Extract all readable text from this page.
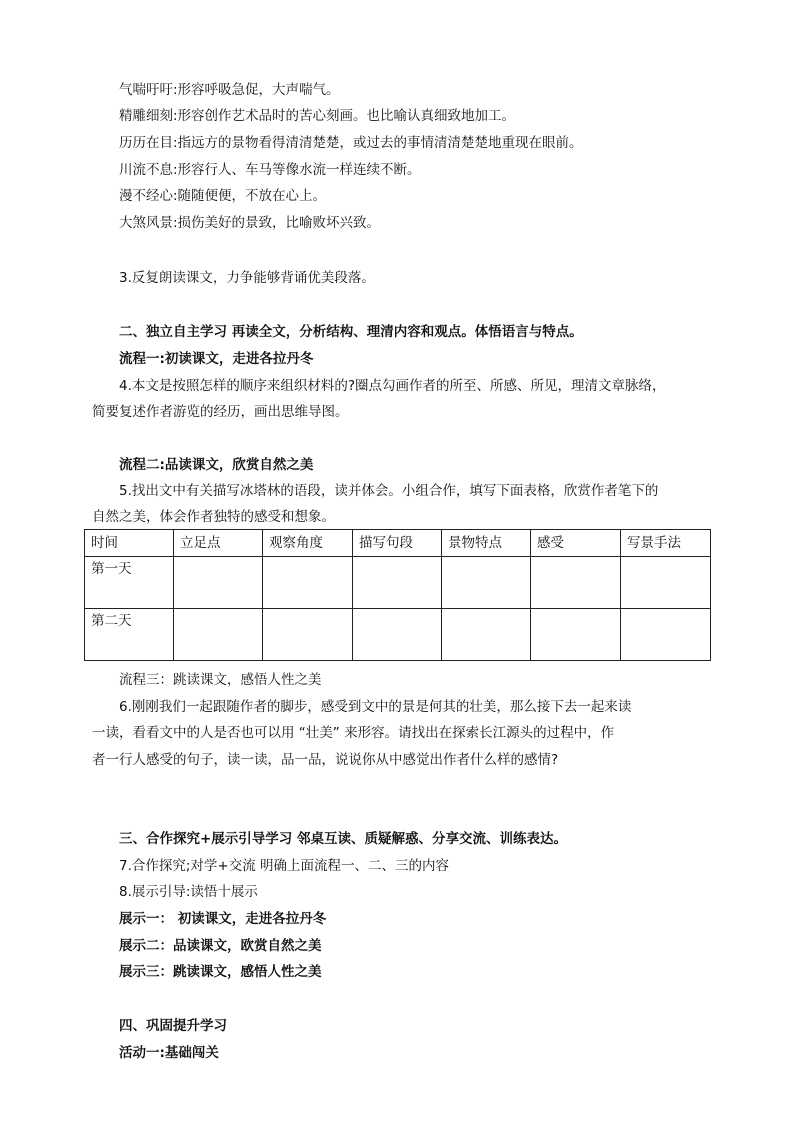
气喘吁吁:形容呼吸急促，大声喘气。
精雕细刻:形容创作艺术品时的苦心刻画。也比喻认真细致地加工。
历历在目:指远方的景物看得清清楚楚，或过去的事情清清楚楚地重现在眼前。
川流不息:形容行人、车马等像水流一样连续不断。
漫不经心:随随便便，不放在心上。
大煞风景:损伤美好的景致，比喻败坏兴致。
3.反复朗读课文，力争能够背诵优美段落。
二、独立自主学习 再读全文，分析结构、理清内容和观点。体悟语言与特点。
流程一:初读课文，走进各拉丹冬
4.本文是按照怎样的顺序来组织材料的?圈点勾画作者的所至、所感、所见，理清文章脉络，
简要复述作者游览的经历，画出思维导图。
流程二:品读课文，欣赏自然之美
5.找出文中有关描写冰塔林的语段，读并体会。小组合作，填写下面表格，欣赏作者笔下的
自然之美，体会作者独特的感受和想象。
时间	立足点	观察角度	描写句段	景物特点	感受	写景手法
第一天						
第二天						
流程三：跳读课文，感悟人性之美
6.刚刚我们一起跟随作者的脚步，感受到文中的景是何其的壮美，那么接下去一起来读
一读，看看文中的人是否也可以用 “壮美” 来形容。请找出在探索长江源头的过程中，作
者一行人感受的句子，读一读，品一品，说说你从中感觉出作者什么样的感情?
三、合作探究+展示引导学习 邻桌互读、质疑解惑、分享交流、训练表达。
7.合作探究;对学+交流 明确上面流程一、二、三的内容
8.展示引导:读悟十展示
展示一： 初读课文，走进各拉丹冬
展示二：品读课文，欧赏自然之美
展示三：跳读课文，感悟人性之美
四、巩固提升学习
活动一:基础闯关
